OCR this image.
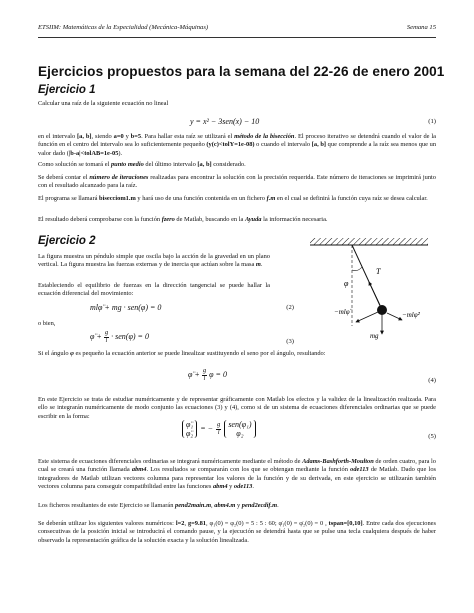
ETSIIM: Matemáticas de la Especialidad (Mecánica-Máquinas)	Semana 15
Ejercicios propuestos para la semana del 22-26 de enero 2001
Ejercicio 1
Calcular una raíz de la siguiente ecuación no lineal
y = x² − 3sen(x) − 10	(1)
en el intervalo [a, b], siendo a=0 y b=5. Para hallar esta raíz se utilizará el método de la bisección. El proceso iterativo se detendrá cuando el valor de la función en el centro del intervalo sea lo suficientemente pequeño (y(c)<tolY=1e-08) o cuando el intervalo [a, b] que comprende a la raíz sea menos que un valor dado (|b-a|<tolAB=1e-05).
Como solución se tomará el punto medio del último intervalo [a, b] considerado.
Se deberá contar el número de iteraciones realizadas para encontrar la solución con la precisión requerida. Este número de iteraciones se imprimirá junto con el resultado alcanzado para la raíz.
El programa se llamará bisecciom1.m y hará uso de una función contenida en un fichero f.m en el cual se definirá la función cuya raíz se desea calcular.
El resultado deberá comprobarse con la función fzero de Matlab, buscando en la Ayuda la información necesaria.
Ejercicio 2
La figura muestra un péndulo simple que oscila bajo la acción de la gravedad en un plano vertical. La figura muestra las fuerzas externas y de inercia que actúan sobre la masa m.
Estableciendo el equilibrio de fuerzas en la dirección tangencial se puede hallar la ecuación diferencial del movimiento:
mlφ̈ + mg · sen(φ) = 0	(2)
o bien,
φ̈ + $\frac{g}{l} \cdot sen(\varphi) = 0$
(3)
T
φ
−mlφ̈	−mlφ̇²
mg
Si el ángulo φ es pequeño la ecuación anterior se puede linealizar sustituyendo el seno por el ángulo, resultando:
φ̈ + $\frac{g}{l}$ φ = 0
(4)
En este Ejercicio se trata de estudiar numéricamente y de representar gráficamente con Matlab los efectos y la validez de la linealización realizada. Para ello se integrarán numéricamente de modo conjunto las ecuaciones (3) y (4), como si de un sistema de ecuaciones diferenciales ordinarias que se puede escribir en la forma:
φ̈₁
φ̈₂
= − $\frac{g}{l} sen(\varphi_1)$
φ₂	(5)
Este sistema de ecuaciones diferenciales ordinarias se integrará numéricamente mediante el método de Adams-Bashforth-Moulton de orden cuatro, para lo cual se creará una función llamada abm4. Los resultados se compararán con los que se obtengan mediante la función ode113 de Matlab. Dado que los integradores de Matlab utilizan vectores columna para representar los valores de la función y de su derivada, en este ejercicio se utilizarán también vectores columna para conseguir compatibilidad entre las funciones abm4 y ode113.
Los ficheros resultantes de este Ejercicio se llamarán pend2main.m, abm4.m y pend2ecdif.m.
Se deberán utilizar los siguientes valores numéricos: l=2, g=9.81, φ₁(0) = φ₂(0) = 5 : 5 : 60; φ̇₁(0) = φ̇₂(0) = 0 , tspan=[0,10]. Entre cada dos ejecuciones consecutivas de la posición inicial se introducirá el comando pause, y la ejecución se detendrá hasta que se pulse una tecla cualquiera después de haber observado la representación gráfica de la solución exacta y la solución linealizada.
